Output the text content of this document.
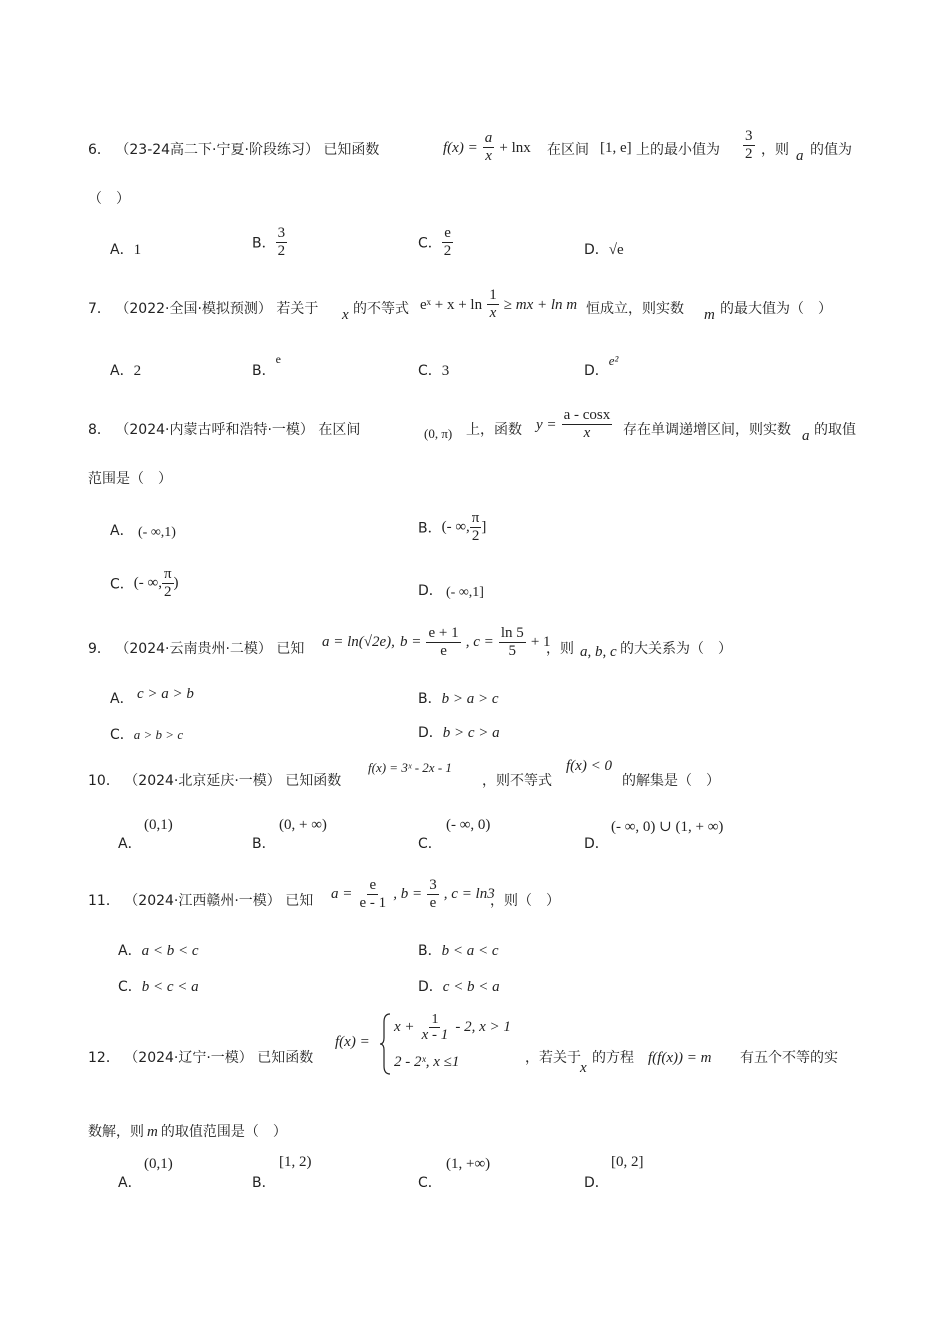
6． （23-24高二下·宁夏·阶段练习） 已知函数	$f(x) = \frac{a}{x} + \ln x$ 在区间 [1, e] 上的最小值为 $\frac{3}{2}$ ，则 a 的值为
（　）
A．1	B． $\frac{3}{2}$	C． $\frac{e}{2}$	D．√e
7． （2022·全国·模拟预测） 若关于 x 的不等式 eˣ + $x + \ln \frac{1}{x}$ ≥ mx + ln m 恒成立，则实数 m 的最大值为（　）
A．2	B．e
C．3	D．e²
8． （2024·内蒙古呼和浩特·一模） 在区间	(0, π) 上，函数 $y = \frac{a - \cos x}{x}$ 存在单调递增区间，则实数 a 的取值
范围是（　）
A． (- ∞,1)	B．(- ∞, $\frac{\pi}{2}$ ]
C．(- ∞, $\frac{\pi}{2}$ )	D． (- ∞,1]
9． （2024·云南贵州·二模） 已知 a = ln(√2e), $b = \frac{e + 1}{e}$ , $c = \frac{\ln 5}{5} + 1$
，则 a, b, c 的大关系为（　）
A． c > a > b	B．b > a > c
C．a > b > c	D．b > c > a
10． （2024·北京延庆·一模） 已知函数
f(x) = 3ˣ - 2x - 1
，则不等式
f(x) < 0
的解集是（　）
A．
(0,1)
B．
(0, + ∞)
C．
(- ∞, 0)
D．
(- ∞, 0) ∪ (1, + ∞)
11． （2024·江西赣州·一模） 已知 $a = \frac{e}{e - 1}$ , $b = \frac{3}{e}$ , c = ln3
，则（　）
A．a < b < c	B．b < a < c
C．b < c < a	D．c < b < a
12． （2024·辽宁·一模） 已知函数
f(x) =
$x + \frac{1}{x - 1} - 2$, x > 1
2 - 2ˣ, x ≤1	，若关于
x
的方程 f(f(x)) = m 有五个不等的实
数解，则 m 的取值范围是（　）
A．
(0,1)
B．
[1, 2)
C．
(1, +∞)
D．
[0, 2]
